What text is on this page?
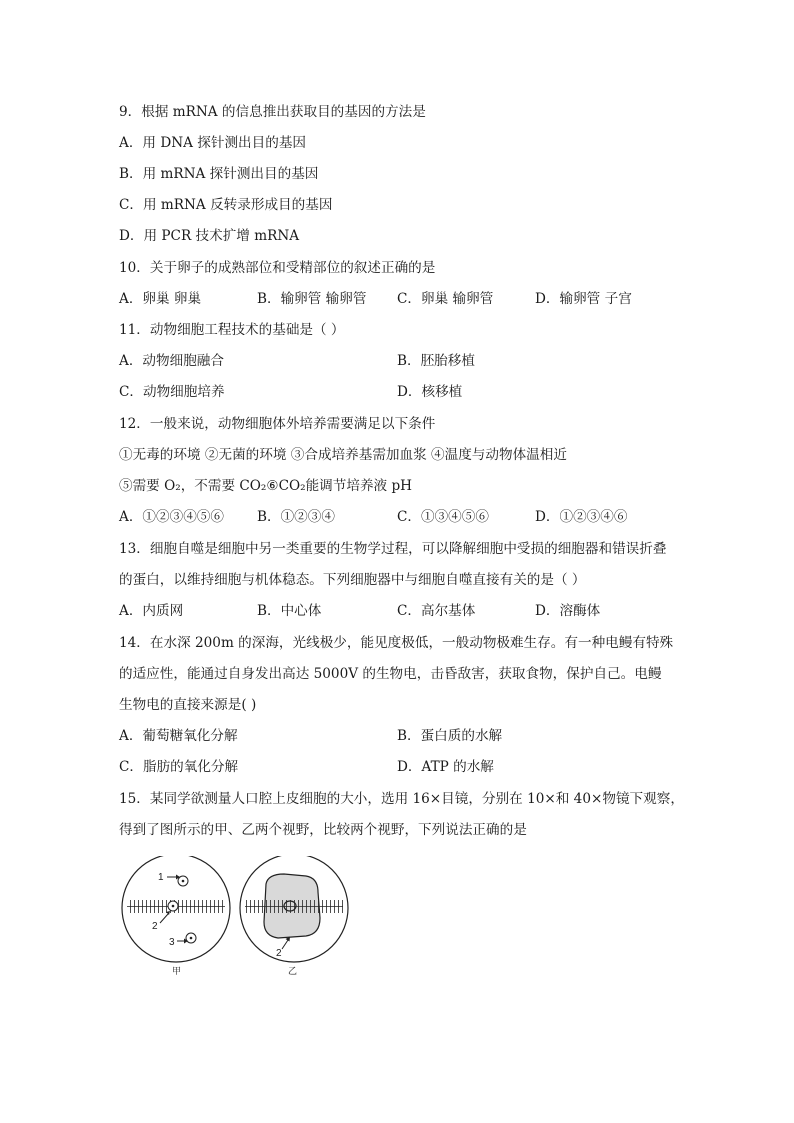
9．根据 mRNA 的信息推出获取目的基因的方法是
A．用 DNA 探针测出目的基因
B．用 mRNA 探针测出目的基因
C．用 mRNA 反转录形成目的基因
D．用 PCR 技术扩增 mRNA
10．关于卵子的成熟部位和受精部位的叙述正确的是
A．卵巢 卵巢	B．输卵管 输卵管 C．卵巢 输卵管	D．输卵管 子宫
11．动物细胞工程技术的基础是（ ）
A．动物细胞融合	B．胚胎移植
C．动物细胞培养	D．核移植
12．一般来说，动物细胞体外培养需要满足以下条件
①无毒的环境 ②无菌的环境 ③合成培养基需加血浆 ④温度与动物体温相近
⑤需要 O₂，不需要 CO₂⑥CO₂能调节培养液 pH
A．①②③④⑤⑥ B．①②③④	C．①③④⑤⑥	D．①②③④⑥
13．细胞自噬是细胞中另一类重要的生物学过程，可以降解细胞中受损的细胞器和错误折叠
的蛋白，以维持细胞与机体稳态。下列细胞器中与细胞自噬直接有关的是（ ）
A．内质网	B．中心体	C．高尔基体	D．溶酶体
14．在水深 200m 的深海，光线极少，能见度极低，一般动物极难生存。有一种电鳗有特殊
的适应性，能通过自身发出高达 5000V 的生物电，击昏敌害，获取食物，保护自己。电鳗
生物电的直接来源是( )
A．葡萄糖氧化分解	B．蛋白质的水解
C．脂肪的氧化分解	D．ATP 的水解
15．某同学欲测量人口腔上皮细胞的大小，选用 16×目镜，分别在 10×和 40×物镜下观察，
得到了图所示的甲、乙两个视野，比较两个视野，下列说法正确的是
1
2
3
甲
2
乙
